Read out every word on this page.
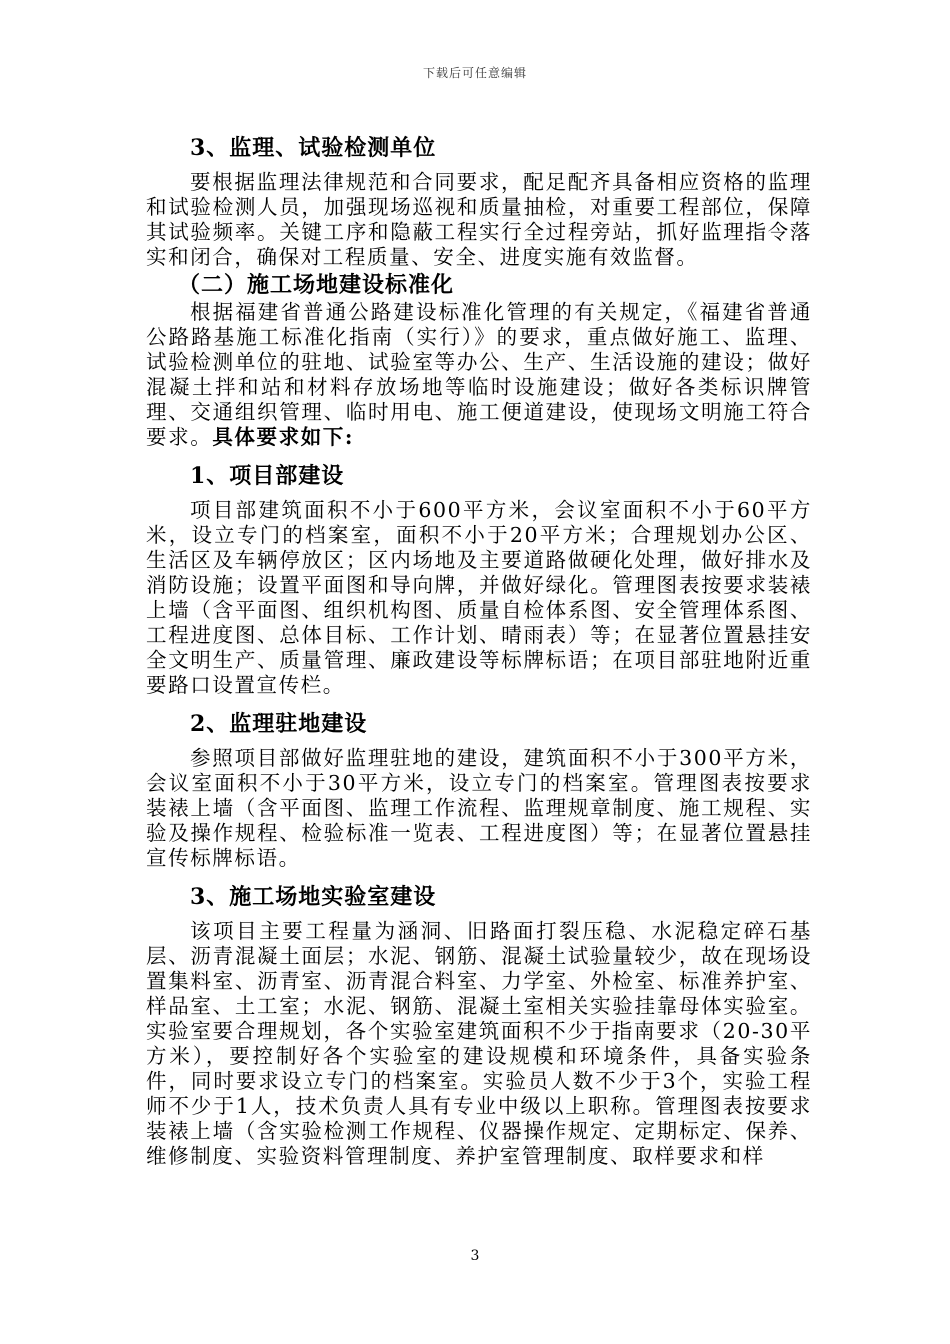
下载后可任意编辑

3、监理、试验检测单位

要根据监理法律规范和合同要求，配足配齐具备相应资格的监理和试验检测人员，加强现场巡视和质量抽检，对重要工程部位，保障其试验频率。关键工序和隐蔽工程实行全过程旁站，抓好监理指令落实和闭合，确保对工程质量、安全、进度实施有效监督。

（二）施工场地建设标准化

根据福建省普通公路建设标准化管理的有关规定，《福建省普通公路路基施工标准化指南（实行）》的要求，重点做好施工、监理、试验检测单位的驻地、试验室等办公、生产、生活设施的建设；做好混凝土拌和站和材料存放场地等临时设施建设；做好各类标识牌管理、交通组织管理、临时用电、施工便道建设，使现场文明施工符合要求。具体要求如下:

1、项目部建设

项目部建筑面积不小于600平方米，会议室面积不小于60平方米，设立专门的档案室，面积不小于20平方米；合理规划办公区、生活区及车辆停放区；区内场地及主要道路做硬化处理，做好排水及消防设施；设置平面图和导向牌，并做好绿化。管理图表按要求装裱上墙（含平面图、组织机构图、质量自检体系图、安全管理体系图、工程进度图、总体目标、工作计划、晴雨表）等；在显著位置悬挂安全文明生产、质量管理、廉政建设等标牌标语；在项目部驻地附近重要路口设置宣传栏。

2、监理驻地建设

参照项目部做好监理驻地的建设，建筑面积不小于300平方米，会议室面积不小于30平方米，设立专门的档案室。管理图表按要求装裱上墙（含平面图、监理工作流程、监理规章制度、施工规程、实验及操作规程、检验标准一览表、工程进度图）等；在显著位置悬挂宣传标牌标语。

3、施工场地实验室建设

该项目主要工程量为涵洞、旧路面打裂压稳、水泥稳定碎石基层、沥青混凝土面层；水泥、钢筋、混凝土试验量较少，故在现场设置集料室、沥青室、沥青混合料室、力学室、外检室、标准养护室、样品室、土工室；水泥、钢筋、混凝土室相关实验挂靠母体实验室。实验室要合理规划，各个实验室建筑面积不少于指南要求（20-30平方米），要控制好各个实验室的建设规模和环境条件，具备实验条件，同时要求设立专门的档案室。实验员人数不少于3个，实验工程师不少于1人，技术负责人具有专业中级以上职称。管理图表按要求装裱上墙（含实验检测工作规程、仪器操作规定、定期标定、保养、维修制度、实验资料管理制度、养护室管理制度、取样要求和样

3
